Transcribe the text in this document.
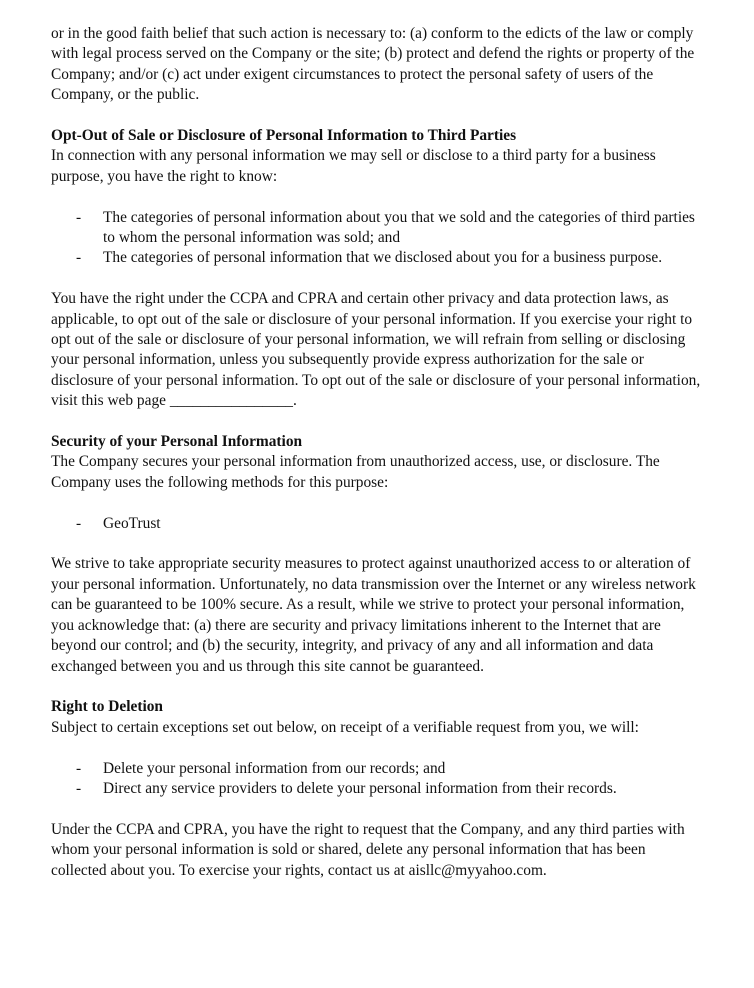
or in the good faith belief that such action is necessary to: (a) conform to the edicts of the law or comply with legal process served on the Company or the site; (b) protect and defend the rights or property of the Company; and/or (c) act under exigent circumstances to protect the personal safety of users of the Company, or the public.

Opt-Out of Sale or Disclosure of Personal Information to Third Parties

In connection with any personal information we may sell or disclose to a third party for a business purpose, you have the right to know:

- The categories of personal information about you that we sold and the categories of third parties to whom the personal information was sold; and
- The categories of personal information that we disclosed about you for a business purpose.

You have the right under the CCPA and CPRA and certain other privacy and data protection laws, as applicable, to opt out of the sale or disclosure of your personal information. If you exercise your right to opt out of the sale or disclosure of your personal information, we will refrain from selling or disclosing your personal information, unless you subsequently provide express authorization for the sale or disclosure of your personal information. To opt out of the sale or disclosure of your personal information, visit this web page ________________.

Security of your Personal Information

The Company secures your personal information from unauthorized access, use, or disclosure. The Company uses the following methods for this purpose:

- GeoTrust

We strive to take appropriate security measures to protect against unauthorized access to or alteration of your personal information. Unfortunately, no data transmission over the Internet or any wireless network can be guaranteed to be 100% secure. As a result, while we strive to protect your personal information, you acknowledge that: (a) there are security and privacy limitations inherent to the Internet that are beyond our control; and (b) the security, integrity, and privacy of any and all information and data exchanged between you and us through this site cannot be guaranteed.

Right to Deletion

Subject to certain exceptions set out below, on receipt of a verifiable request from you, we will:

- Delete your personal information from our records; and
- Direct any service providers to delete your personal information from their records.

Under the CCPA and CPRA, you have the right to request that the Company, and any third parties with whom your personal information is sold or shared, delete any personal information that has been collected about you. To exercise your rights, contact us at aisllc@myyahoo.com.
